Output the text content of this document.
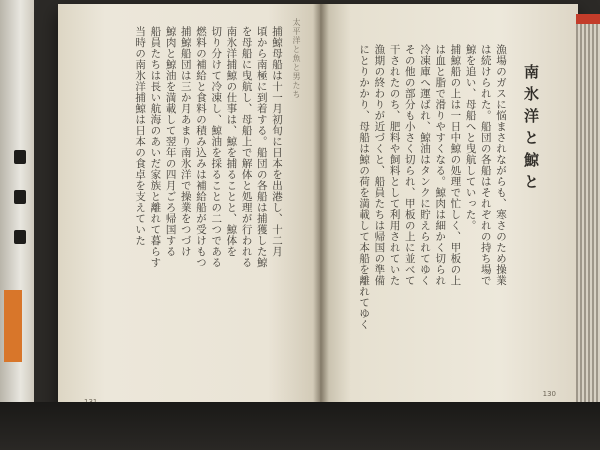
太平洋と魚と男たち
捕鯨母船は十一月初旬に日本を出港し、十二月
頃から南極に到着する。船団の各船は捕獲した鯨
を母船に曳航し、母船上で解体と処理が行われる
南氷洋捕鯨の仕事は、鯨を捕ることと、鯨体を
切り分けて冷凍し、鯨油を採ることの二つである
燃料の補給と食料の積み込みは補給船が受けもつ
捕鯨船団は三か月あまり南氷洋で操業をつづけ
鯨肉と鯨油を満載して翌年の四月ごろ帰国する
船員たちは長い航海のあいだ家族と離れて暮らす
当時の南氷洋捕鯨は日本の食卓を支えていた	南氷洋と鯨と
漁場のガスに悩まされながらも、寒さのため操業
は続けられた。船団の各船はそれぞれの持ち場で
鯨を追い、母船へと曳航していった。
捕鯨船の上は一日中鯨の処理で忙しく、甲板の上
は血と脂で滑りやすくなる。鯨肉は細かく切られ
冷凍庫へ運ばれ、鯨油はタンクに貯えられてゆく
その他の部分も小さく切られ、甲板の上に並べて
干されたのち、肥料や飼料として利用されていた
漁期の終わりが近づくと、船員たちは帰国の準備
にとりかかり、母船は鯨の荷を満載して本船を離れてゆく
130
